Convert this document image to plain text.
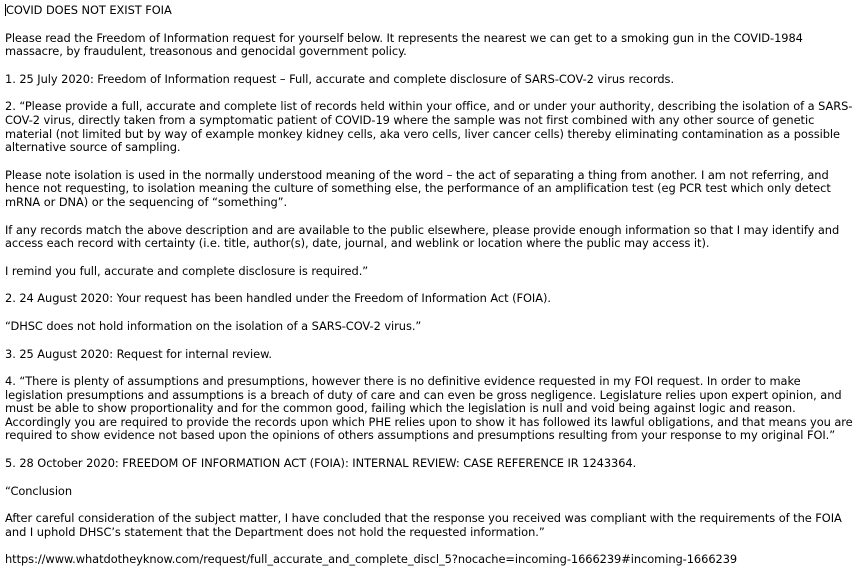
COVID DOES NOT EXIST FOIA

Please read the Freedom of Information request for yourself below. It represents the nearest we can get to a smoking gun in the COVID-1984 massacre, by fraudulent, treasonous and genocidal government policy.

1. 25 July 2020: Freedom of Information request – Full, accurate and complete disclosure of SARS-COV-2 virus records.

2. “Please provide a full, accurate and complete list of records held within your office, and or under your authority, describing the isolation of a SARS-COV-2 virus, directly taken from a symptomatic patient of COVID-19 where the sample was not first combined with any other source of genetic material (not limited but by way of example monkey kidney cells, aka vero cells, liver cancer cells) thereby eliminating contamination as a possible alternative source of sampling.

Please note isolation is used in the normally understood meaning of the word – the act of separating a thing from another. I am not referring, and hence not requesting, to isolation meaning the culture of something else, the performance of an amplification test (eg PCR test which only detect mRNA or DNA) or the sequencing of “something”.

If any records match the above description and are available to the public elsewhere, please provide enough information so that I may identify and access each record with certainty (i.e. title, author(s), date, journal, and weblink or location where the public may access it).

I remind you full, accurate and complete disclosure is required.”

2. 24 August 2020: Your request has been handled under the Freedom of Information Act (FOIA).

“DHSC does not hold information on the isolation of a SARS-COV-2 virus.”

3. 25 August 2020: Request for internal review.

4. “There is plenty of assumptions and presumptions, however there is no definitive evidence requested in my FOI request. In order to make legislation presumptions and assumptions is a breach of duty of care and can even be gross negligence. Legislature relies upon expert opinion, and must be able to show proportionality and for the common good, failing which the legislation is null and void being against logic and reason. Accordingly you are required to provide the records upon which PHE relies upon to show it has followed its lawful obligations, and that means you are required to show evidence not based upon the opinions of others assumptions and presumptions resulting from your response to my original FOI.”

5. 28 October 2020: FREEDOM OF INFORMATION ACT (FOIA): INTERNAL REVIEW: CASE REFERENCE IR 1243364.

“Conclusion

After careful consideration of the subject matter, I have concluded that the response you received was compliant with the requirements of the FOIA and I uphold DHSC’s statement that the Department does not hold the requested information.”

https://www.whatdotheyknow.com/request/full_accurate_and_complete_discl_5?nocache=incoming-1666239#incoming-1666239
